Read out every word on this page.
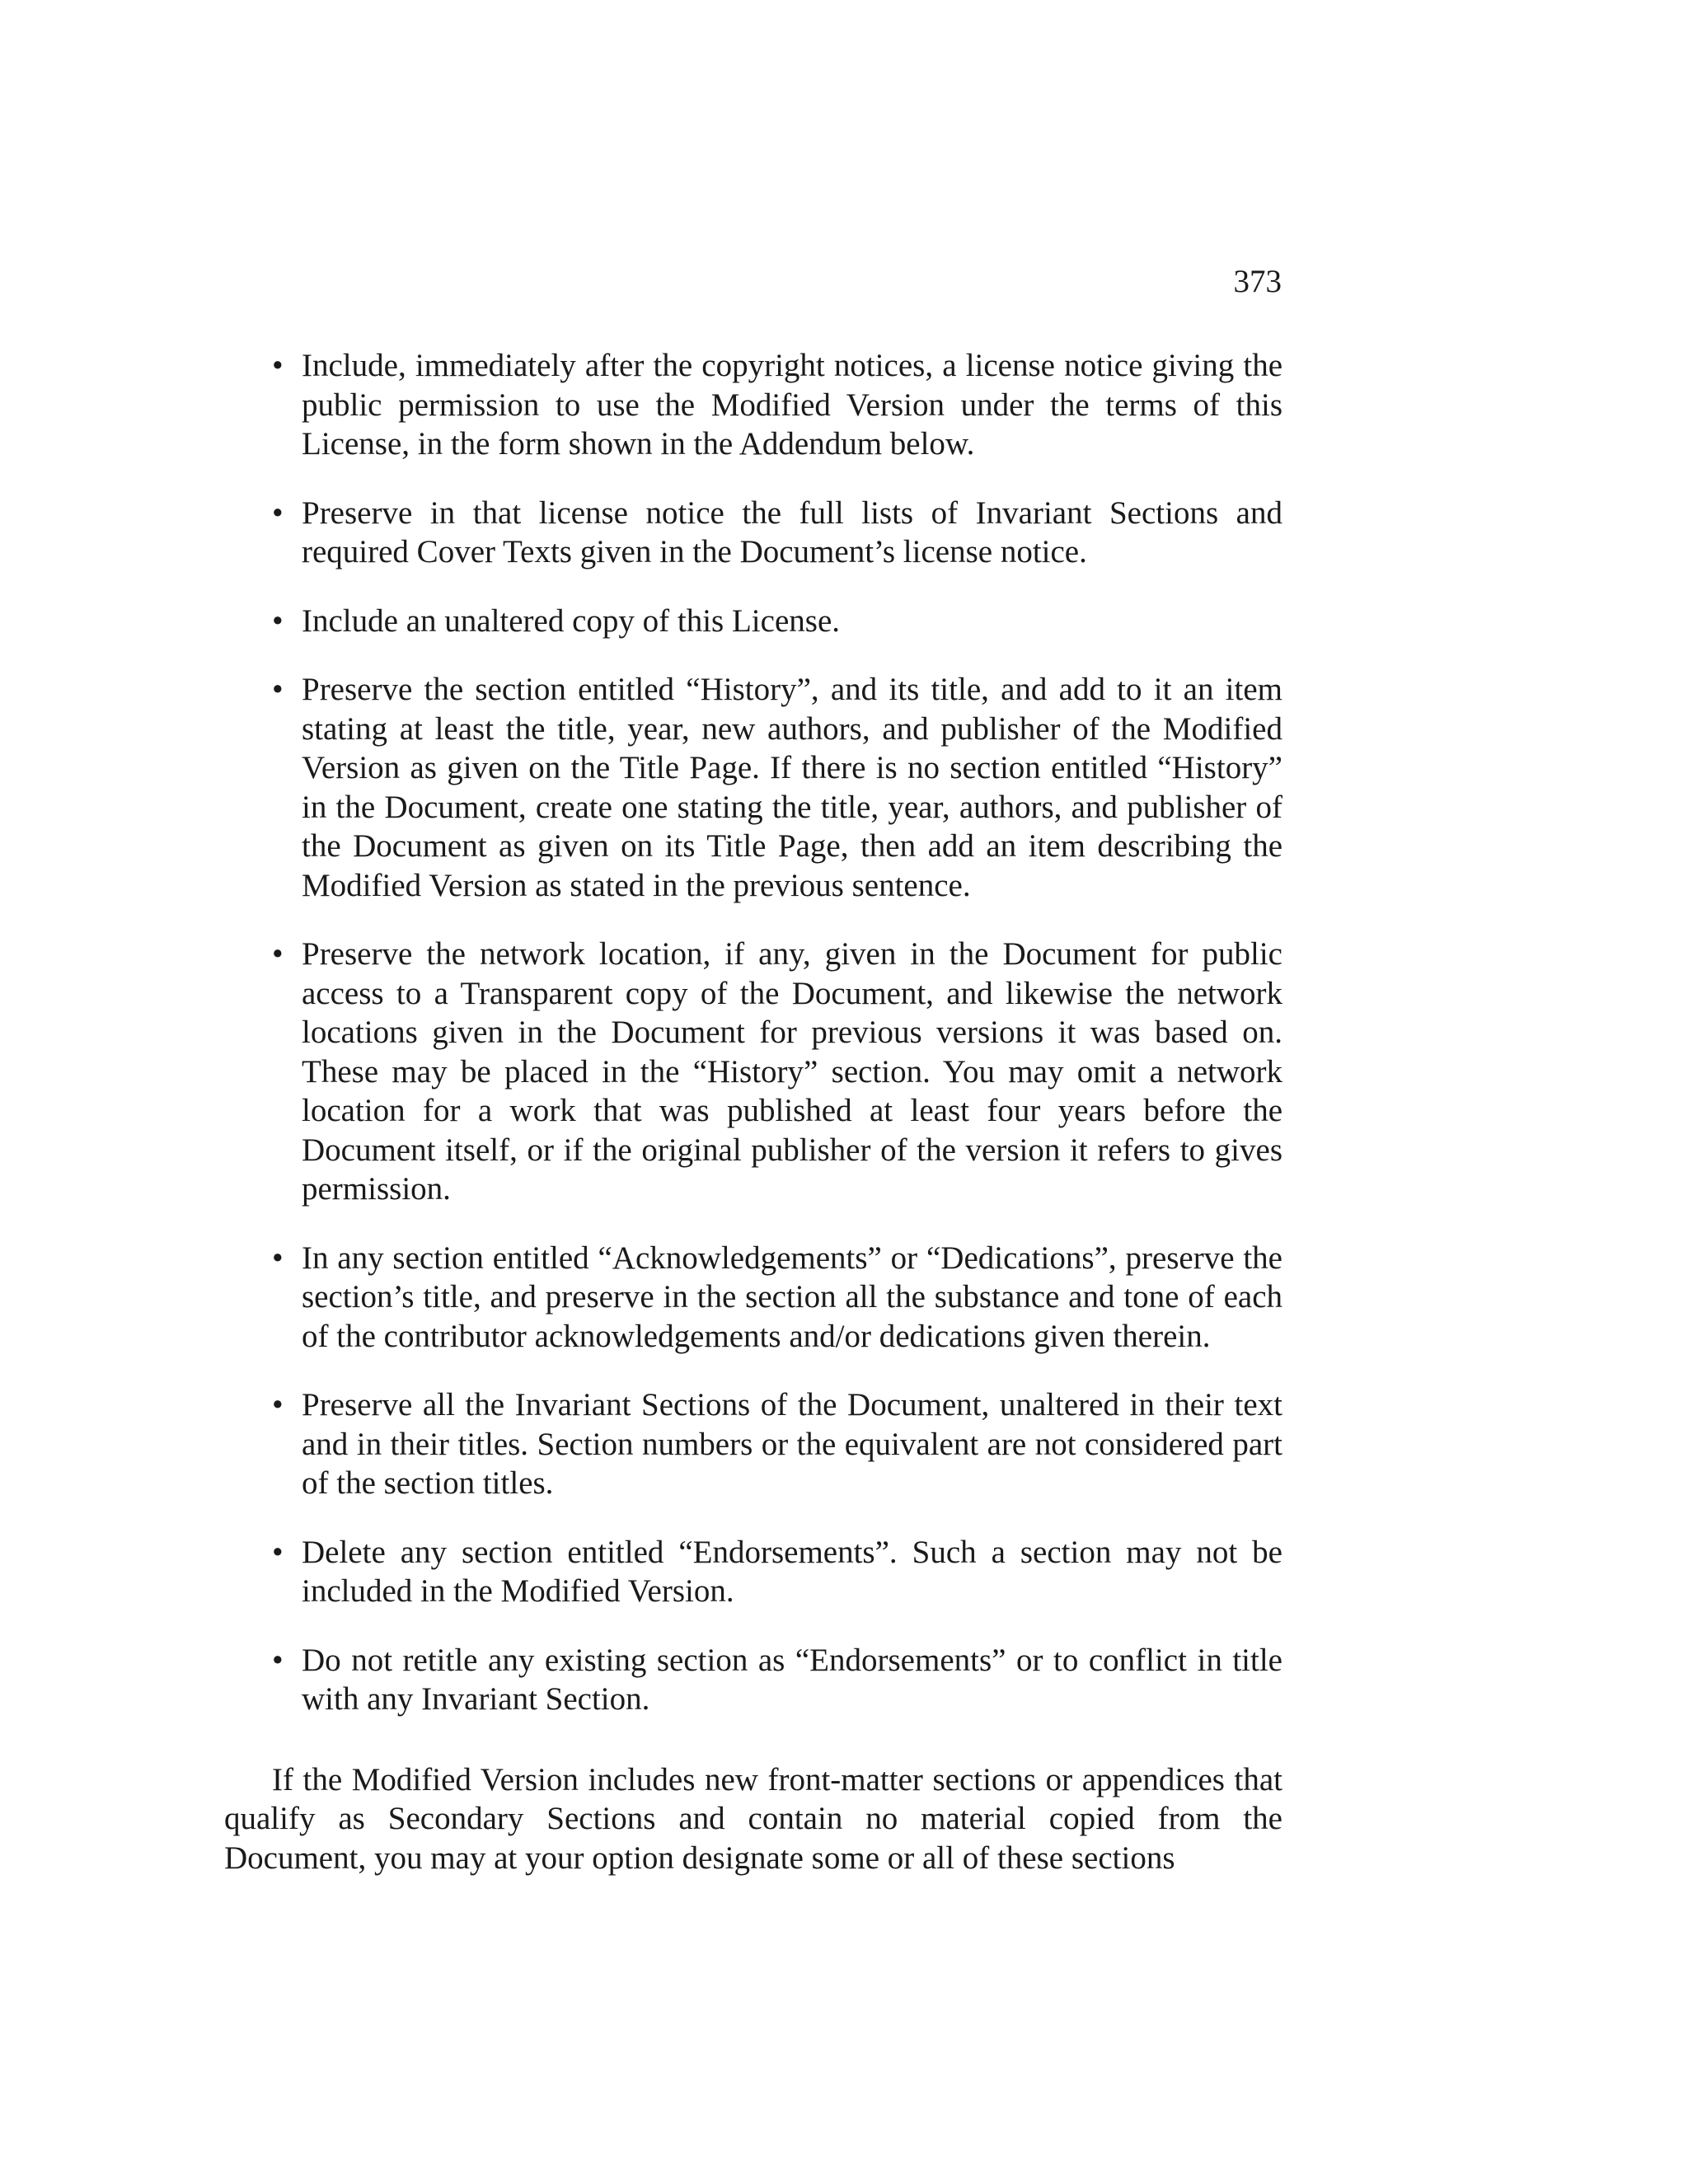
373
• Include, immediately after the copyright notices, a license notice giving the public permission to use the Modified Version under the terms of this License, in the form shown in the Addendum below.
• Preserve in that license notice the full lists of Invariant Sections and required Cover Texts given in the Document’s license notice.
• Include an unaltered copy of this License.
• Preserve the section entitled “History”, and its title, and add to it an item stating at least the title, year, new authors, and publisher of the Modified Version as given on the Title Page. If there is no section entitled “History” in the Document, create one stating the title, year, authors, and publisher of the Document as given on its Title Page, then add an item describing the Modified Version as stated in the previous sentence.
• Preserve the network location, if any, given in the Document for public access to a Transparent copy of the Document, and likewise the network locations given in the Document for previous versions it was based on. These may be placed in the “History” section. You may omit a network location for a work that was published at least four years before the Document itself, or if the original publisher of the version it refers to gives permission.
• In any section entitled “Acknowledgements” or “Dedications”, preserve the section’s title, and preserve in the section all the substance and tone of each of the contributor acknowledgements and/or dedications given therein.
• Preserve all the Invariant Sections of the Document, unaltered in their text and in their titles. Section numbers or the equivalent are not considered part of the section titles.
• Delete any section entitled “Endorsements”. Such a section may not be included in the Modified Version.
• Do not retitle any existing section as “Endorsements” or to conflict in title with any Invariant Section.

If the Modified Version includes new front-matter sections or appendices that qualify as Secondary Sections and contain no material copied from the Document, you may at your option designate some or all of these sections
